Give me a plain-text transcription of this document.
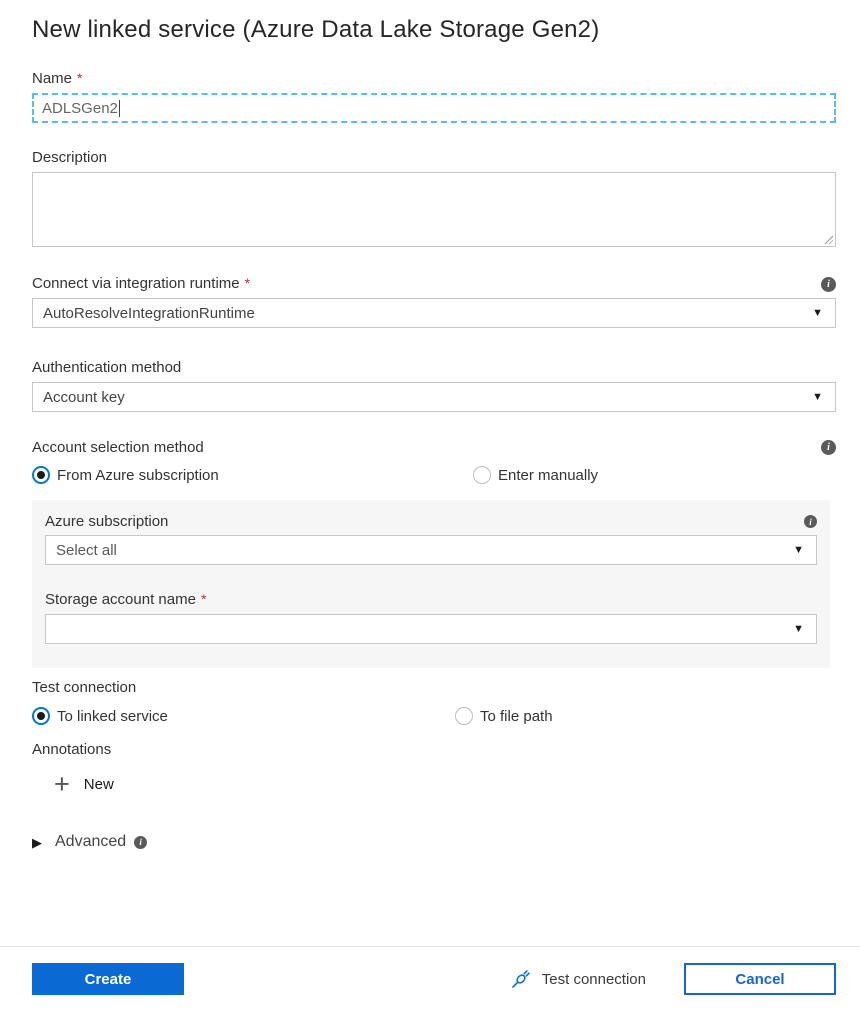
New linked service (Azure Data Lake Storage Gen2)
Name *
ADLSGen2
Description
Connect via integration runtime *	i
AutoResolveIntegrationRuntime	▼
Authentication method
Account key	▼
Account selection method	i
From Azure subscription	Enter manually
Azure subscription	i
Select all	▼
Storage account name *
▼
Test connection
To linked service	To file path
Annotations
+ New
▶ Advanced	i
Create	Test connection	Cancel
